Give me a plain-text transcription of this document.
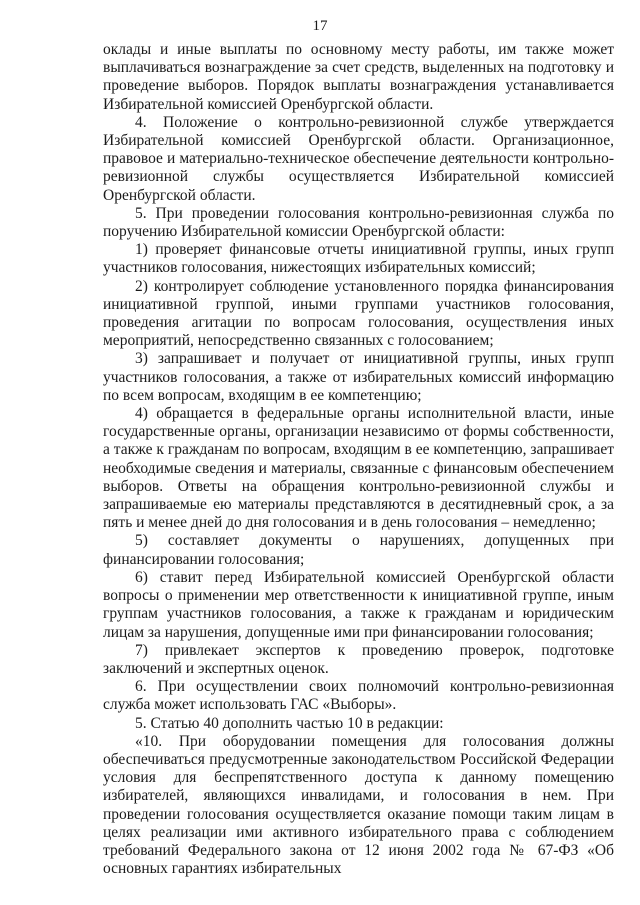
17

оклады и иные выплаты по основному месту работы, им также может выплачиваться вознаграждение за счет средств, выделенных на подготовку и проведение выборов. Порядок выплаты вознаграждения устанавливается Избирательной комиссией Оренбургской области.

4. Положение о контрольно-ревизионной службе утверждается Избирательной комиссией Оренбургской области. Организационное, правовое и материально-техническое обеспечение деятельности контрольно-ревизионной службы осуществляется Избирательной комиссией Оренбургской области.

5. При проведении голосования контрольно-ревизионная служба по поручению Избирательной комиссии Оренбургской области:

1) проверяет финансовые отчеты инициативной группы, иных групп участников голосования, нижестоящих избирательных комиссий;

2) контролирует соблюдение установленного порядка финансирования инициативной группой, иными группами участников голосования, проведения агитации по вопросам голосования, осуществления иных мероприятий, непосредственно связанных с голосованием;

3) запрашивает и получает от инициативной группы, иных групп участников голосования, а также от избирательных комиссий информацию по всем вопросам, входящим в ее компетенцию;

4) обращается в федеральные органы исполнительной власти, иные государственные органы, организации независимо от формы собственности, а также к гражданам по вопросам, входящим в ее компетенцию, запрашивает необходимые сведения и материалы, связанные с финансовым обеспечением выборов. Ответы на обращения контрольно-ревизионной службы и запрашиваемые ею материалы представляются в десятидневный срок, а за пять и менее дней до дня голосования и в день голосования – немедленно;

5) составляет документы о нарушениях, допущенных при финансировании голосования;

6) ставит перед Избирательной комиссией Оренбургской области вопросы о применении мер ответственности к инициативной группе, иным группам участников голосования, а также к гражданам и юридическим лицам за нарушения, допущенные ими при финансировании голосования;

7) привлекает экспертов к проведению проверок, подготовке заключений и экспертных оценок.

6. При осуществлении своих полномочий контрольно-ревизионная служба может использовать ГАС «Выборы».

5. Статью 40 дополнить частью 10 в редакции:

«10. При оборудовании помещения для голосования должны обеспечиваться предусмотренные законодательством Российской Федерации условия для беспрепятственного доступа к данному помещению избирателей, являющихся инвалидами, и голосования в нем. При проведении голосования осуществляется оказание помощи таким лицам в целях реализации ими активного избирательного права с соблюдением требований Федерального закона от 12 июня 2002 года № 67-ФЗ «Об основных гарантиях избирательных
